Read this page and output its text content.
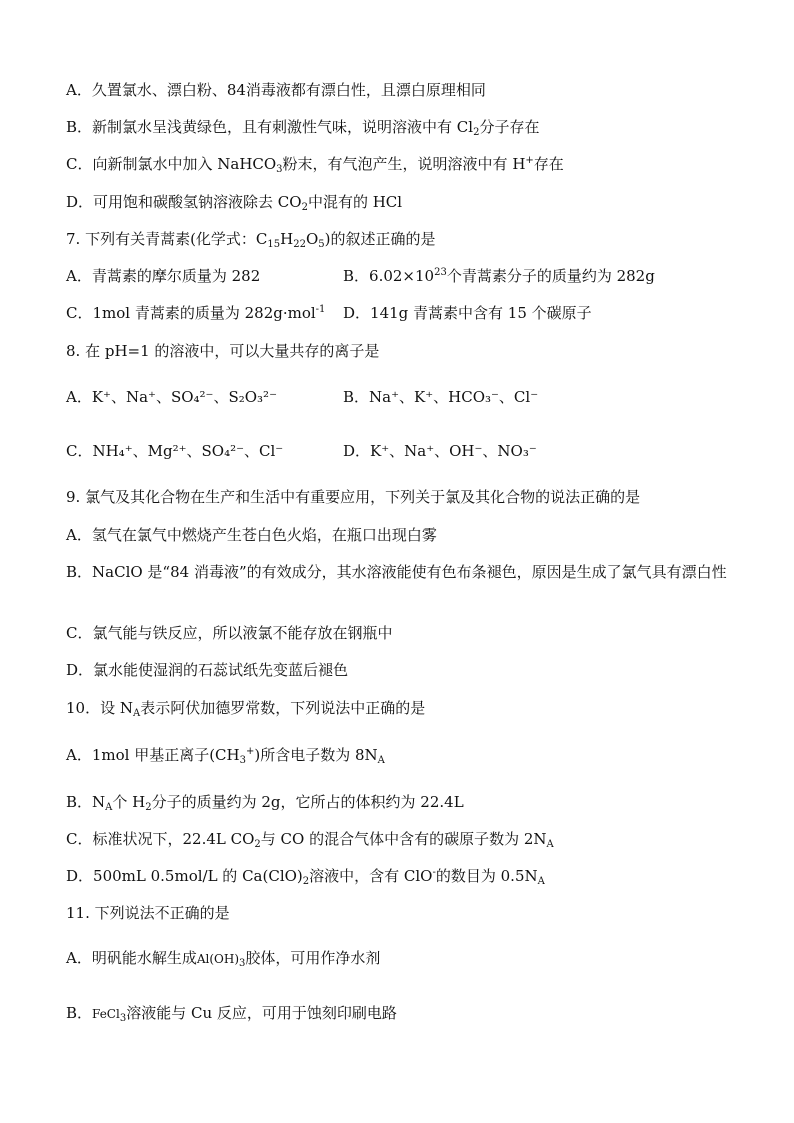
A．久置氯水、漂白粉、84消毒液都有漂白性，且漂白原理相同
B．新制氯水呈浅黄绿色，且有刺激性气味，说明溶液中有 $Cl_2$分子存在
C．向新制氯水中加入 NaHCO$_3$粉末，有气泡产生，说明溶液中有 H+存在
D．可用饱和碳酸氢钠溶液除去 $CO_2$中混有的 HCl
7. 下列有关青蒿素(化学式：$C_{15}H_{22}O_5$)的叙述正确的是
A．青蒿素的摩尔质量为 282	B．$6.02\times 10^{23}$个青蒿素分子的质量约为 282g
C．1mol 青蒿素的质量为 282g·mol$^{-1}$ D．141g 青蒿素中含有 15 个碳原子
8. 在 pH=1 的溶液中，可以大量共存的离子是
A．K⁺、Na⁺、SO₄²⁻、S₂O₃²⁻	B．Na⁺、K⁺、HCO₃⁻、Cl⁻
C．NH₄⁺、Mg²⁺、SO₄²⁻、Cl⁻	D．K⁺、Na⁺、OH⁻、NO₃⁻
9. 氯气及其化合物在生产和生活中有重要应用，下列关于氯及其化合物的说法正确的是
A．氢气在氯气中燃烧产生苍白色火焰，在瓶口出现白雾
B．NaClO 是“84 消毒液”的有效成分，其水溶液能使有色布条褪色，原因是生成了氯气具有漂白性
C．氯气能与铁反应，所以液氯不能存放在钢瓶中
D．氯水能使湿润的石蕊试纸先变蓝后褪色
10．设 $N_A$表示阿伏加德罗常数，下列说法中正确的是
A．1mol 甲基正离子$(CH_3^+)$所含电子数为 $8N_A$
B．$N_A$个 $H_2$分子的质量约为 2g，它所占的体积约为 22.4L
C．标准状况下，22.4L $CO_2$与 CO 的混合气体中含有的碳原子数为 $2N_A$
D．500mL 0.5mol/L 的 $Ca(ClO)_2$溶液中，含有 ClO-的数目为 $0.5N_A$
11. 下列说法不正确的是
A．明矾能水解生成$Al(OH)_3$胶体，可用作净水剂
B．FeCl$_3$溶液能与 Cu 反应，可用于蚀刻印刷电路
